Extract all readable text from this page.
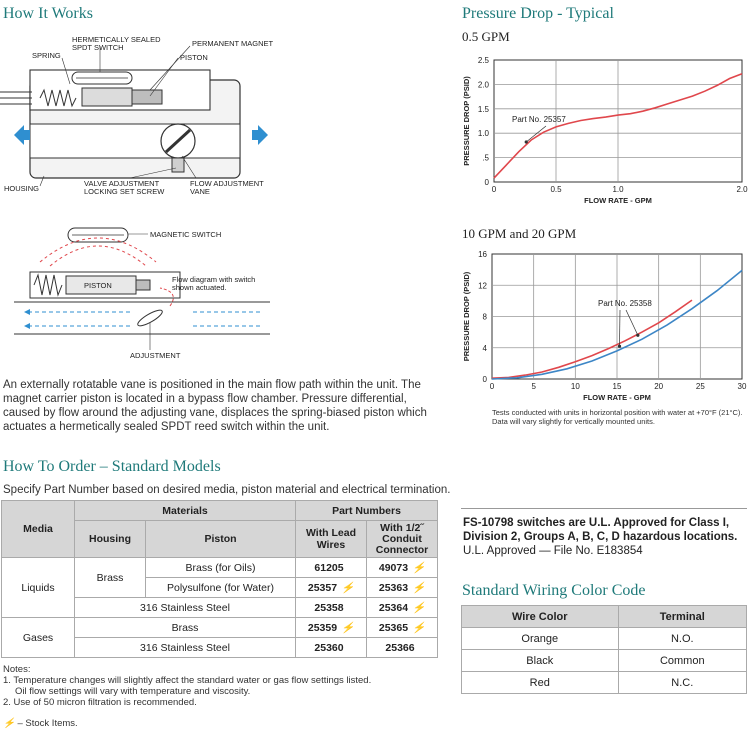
How It Works
SPRING
HERMETICALLY SEALED SPDT SWITCH	PERMANENT MAGNET
PISTON
HOUSING
VALVE ADJUSTMENT LOCKING SET SCREW
FLOW ADJUSTMENT VANE
MAGNETIC SWITCH
PISTON
Flow diagram with switch shown actuated.
ADJUSTMENT
An externally rotatable vane is positioned in the main flow path within the unit. The magnet carrier piston is located in a bypass flow chamber. Pressure differential, caused by flow around the adjusting vane, displaces the spring-biased piston which actuates a hermetically sealed SPDT reed switch within the unit.
Pressure Drop - Typical
0.5 GPM
0	0.5	1.0	2.0
0
.5
1.0
1.5
2.0
2.5
FLOW RATE - GPM
PRESSURE DROP (PSID)	Part No. 25357
10 GPM and 20 GPM
0	5	10	15	20	25	30
0
4
8
12
16
FLOW RATE - GPM
PRESSURE DROP (PSID)	Part No. 25358
Tests conducted with units in horizontal position with water at +70°F (21°C). Data will vary slightly for vertically mounted units.
How To Order – Standard Models
Specify Part Number based on desired media, piston material and electrical termination.
Media	Materials		Part Numbers	
	Housing	Piston	With Lead Wires	With 1/2˝ Conduit Connector
Liquids	Brass	Brass (for Oils)	61205	49073 ⚡
		Polysulfone (for Water)	25357 ⚡	25363 ⚡
	316 Stainless Steel		25358	25364 ⚡
Gases	Brass		25359 ⚡	25365 ⚡
	316 Stainless Steel		25360	25366
Notes:
1. Temperature changes will slightly affect the standard water or gas flow settings listed.
Oil flow settings will vary with temperature and viscosity.
2. Use of 50 micron filtration is recommended.
⚡ – Stock Items.
FS-10798 switches are U.L. Approved for Class I,
Division 2, Groups A, B, C, D hazardous locations.
U.L. Approved — File No. E183854
Standard Wiring Color Code
Wire Color	Terminal
Orange	N.O.
Black	Common
Red	N.C.
